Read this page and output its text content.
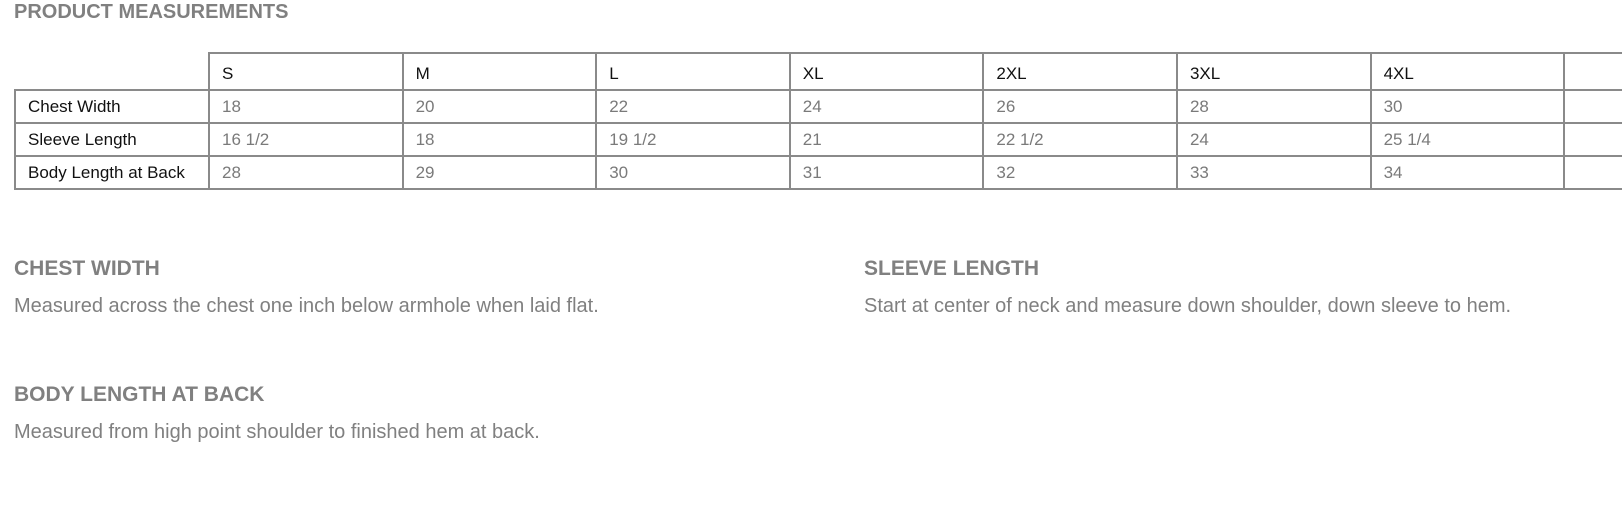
PRODUCT MEASUREMENTS
	S	M	L	XL	2XL	3XL	4XL	
Chest Width	18	20	22	24	26	28	30	
Sleeve Length	16 1/2	18	19 1/2	21	22 1/2	24	25 1/4	
Body Length at Back	28	29	30	31	32	33	34	
CHEST WIDTH

Measured across the chest one inch below armhole when laid flat.

SLEEVE LENGTH

Start at center of neck and measure down shoulder, down sleeve to hem.

BODY LENGTH AT BACK

Measured from high point shoulder to finished hem at back.
